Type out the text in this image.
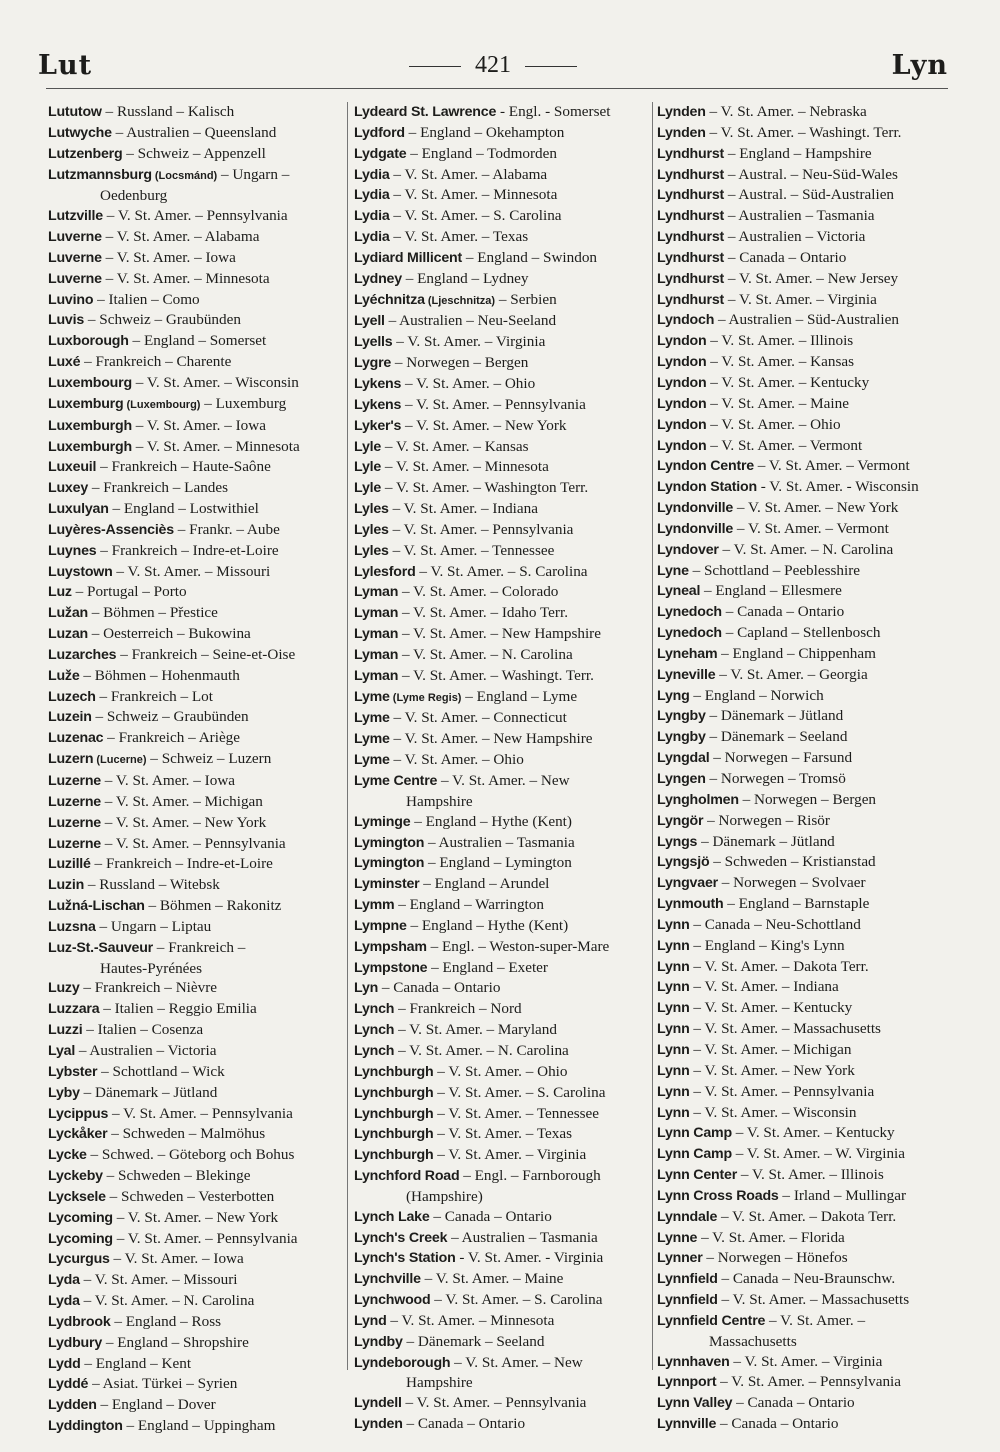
Lut	421	Lyn
Lututow – Russland – Kalisch
Lutwyche – Australien – Queensland
Lutzenberg – Schweiz – Appenzell
Lutzmannsburg (Locsmánd) – Ungarn –
Oedenburg
Lutzville – V. St. Amer. – Pennsylvania
Luverne – V. St. Amer. – Alabama
Luverne – V. St. Amer. – Iowa
Luverne – V. St. Amer. – Minnesota
Luvino – Italien – Como
Luvis – Schweiz – Graubünden
Luxborough – England – Somerset
Luxé – Frankreich – Charente
Luxembourg – V. St. Amer. – Wisconsin
Luxemburg (Luxembourg) – Luxemburg
Luxemburgh – V. St. Amer. – Iowa
Luxemburgh – V. St. Amer. – Minnesota
Luxeuil – Frankreich – Haute-Saône
Luxey – Frankreich – Landes
Luxulyan – England – Lostwithiel
Luyères-Assenciès – Frankr. – Aube
Luynes – Frankreich – Indre-et-Loire
Luystown – V. St. Amer. – Missouri
Luz – Portugal – Porto
Lužan – Böhmen – Přestice
Luzan – Oesterreich – Bukowina
Luzarches – Frankreich – Seine-et-Oise
Luže – Böhmen – Hohenmauth
Luzech – Frankreich – Lot
Luzein – Schweiz – Graubünden
Luzenac – Frankreich – Ariège
Luzern (Lucerne) – Schweiz – Luzern
Luzerne – V. St. Amer. – Iowa
Luzerne – V. St. Amer. – Michigan
Luzerne – V. St. Amer. – New York
Luzerne – V. St. Amer. – Pennsylvania
Luzillé – Frankreich – Indre-et-Loire
Luzin – Russland – Witebsk
Lužná-Lischan – Böhmen – Rakonitz
Luzsna – Ungarn – Liptau
Luz-St.-Sauveur – Frankreich –
Hautes-Pyrénées
Luzy – Frankreich – Nièvre
Luzzara – Italien – Reggio Emilia
Luzzi – Italien – Cosenza
Lyal – Australien – Victoria
Lybster – Schottland – Wick
Lyby – Dänemark – Jütland
Lycippus – V. St. Amer. – Pennsylvania
Lyckåker – Schweden – Malmöhus
Lycke – Schwed. – Göteborg och Bohus
Lyckeby – Schweden – Blekinge
Lycksele – Schweden – Vesterbotten
Lycoming – V. St. Amer. – New York
Lycoming – V. St. Amer. – Pennsylvania
Lycurgus – V. St. Amer. – Iowa
Lyda – V. St. Amer. – Missouri
Lyda – V. St. Amer. – N. Carolina
Lydbrook – England – Ross
Lydbury – England – Shropshire
Lydd – England – Kent
Lyddé – Asiat. Türkei – Syrien
Lydden – England – Dover
Lyddington – England – Uppingham
Lydeard St. Lawrence - Engl. - Somerset
Lydford – England – Okehampton
Lydgate – England – Todmorden
Lydia – V. St. Amer. – Alabama
Lydia – V. St. Amer. – Minnesota
Lydia – V. St. Amer. – S. Carolina
Lydia – V. St. Amer. – Texas
Lydiard Millicent – England – Swindon
Lydney – England – Lydney
Lyéchnitza (Ljeschnitza) – Serbien
Lyell – Australien – Neu-Seeland
Lyells – V. St. Amer. – Virginia
Lygre – Norwegen – Bergen
Lykens – V. St. Amer. – Ohio
Lykens – V. St. Amer. – Pennsylvania
Lyker's – V. St. Amer. – New York
Lyle – V. St. Amer. – Kansas
Lyle – V. St. Amer. – Minnesota
Lyle – V. St. Amer. – Washington Terr.
Lyles – V. St. Amer. – Indiana
Lyles – V. St. Amer. – Pennsylvania
Lyles – V. St. Amer. – Tennessee
Lylesford – V. St. Amer. – S. Carolina
Lyman – V. St. Amer. – Colorado
Lyman – V. St. Amer. – Idaho Terr.
Lyman – V. St. Amer. – New Hampshire
Lyman – V. St. Amer. – N. Carolina
Lyman – V. St. Amer. – Washingt. Terr.
Lyme (Lyme Regis) – England – Lyme
Lyme – V. St. Amer. – Connecticut
Lyme – V. St. Amer. – New Hampshire
Lyme – V. St. Amer. – Ohio
Lyme Centre – V. St. Amer. – New
Hampshire
Lyminge – England – Hythe (Kent)
Lymington – Australien – Tasmania
Lymington – England – Lymington
Lyminster – England – Arundel
Lymm – England – Warrington
Lympne – England – Hythe (Kent)
Lympsham – Engl. – Weston-super-Mare
Lympstone – England – Exeter
Lyn – Canada – Ontario
Lynch – Frankreich – Nord
Lynch – V. St. Amer. – Maryland
Lynch – V. St. Amer. – N. Carolina
Lynchburgh – V. St. Amer. – Ohio
Lynchburgh – V. St. Amer. – S. Carolina
Lynchburgh – V. St. Amer. – Tennessee
Lynchburgh – V. St. Amer. – Texas
Lynchburgh – V. St. Amer. – Virginia
Lynchford Road – Engl. – Farnborough
(Hampshire)
Lynch Lake – Canada – Ontario
Lynch's Creek – Australien – Tasmania
Lynch's Station - V. St. Amer. - Virginia
Lynchville – V. St. Amer. – Maine
Lynchwood – V. St. Amer. – S. Carolina
Lynd – V. St. Amer. – Minnesota
Lyndby – Dänemark – Seeland
Lyndeborough – V. St. Amer. – New
Hampshire
Lyndell – V. St. Amer. – Pennsylvania
Lynden – Canada – Ontario
Lynden – V. St. Amer. – Nebraska
Lynden – V. St. Amer. – Washingt. Terr.
Lyndhurst – England – Hampshire
Lyndhurst – Austral. – Neu-Süd-Wales
Lyndhurst – Austral. – Süd-Australien
Lyndhurst – Australien – Tasmania
Lyndhurst – Australien – Victoria
Lyndhurst – Canada – Ontario
Lyndhurst – V. St. Amer. – New Jersey
Lyndhurst – V. St. Amer. – Virginia
Lyndoch – Australien – Süd-Australien
Lyndon – V. St. Amer. – Illinois
Lyndon – V. St. Amer. – Kansas
Lyndon – V. St. Amer. – Kentucky
Lyndon – V. St. Amer. – Maine
Lyndon – V. St. Amer. – Ohio
Lyndon – V. St. Amer. – Vermont
Lyndon Centre – V. St. Amer. – Vermont
Lyndon Station - V. St. Amer. - Wisconsin
Lyndonville – V. St. Amer. – New York
Lyndonville – V. St. Amer. – Vermont
Lyndover – V. St. Amer. – N. Carolina
Lyne – Schottland – Peeblesshire
Lyneal – England – Ellesmere
Lynedoch – Canada – Ontario
Lynedoch – Capland – Stellenbosch
Lyneham – England – Chippenham
Lyneville – V. St. Amer. – Georgia
Lyng – England – Norwich
Lyngby – Dänemark – Jütland
Lyngby – Dänemark – Seeland
Lyngdal – Norwegen – Farsund
Lyngen – Norwegen – Tromsö
Lyngholmen – Norwegen – Bergen
Lyngör – Norwegen – Risör
Lyngs – Dänemark – Jütland
Lyngsjö – Schweden – Kristianstad
Lyngvaer – Norwegen – Svolvaer
Lynmouth – England – Barnstaple
Lynn – Canada – Neu-Schottland
Lynn – England – King's Lynn
Lynn – V. St. Amer. – Dakota Terr.
Lynn – V. St. Amer. – Indiana
Lynn – V. St. Amer. – Kentucky
Lynn – V. St. Amer. – Massachusetts
Lynn – V. St. Amer. – Michigan
Lynn – V. St. Amer. – New York
Lynn – V. St. Amer. – Pennsylvania
Lynn – V. St. Amer. – Wisconsin
Lynn Camp – V. St. Amer. – Kentucky
Lynn Camp – V. St. Amer. – W. Virginia
Lynn Center – V. St. Amer. – Illinois
Lynn Cross Roads – Irland – Mullingar
Lynndale – V. St. Amer. – Dakota Terr.
Lynne – V. St. Amer. – Florida
Lynner – Norwegen – Hönefos
Lynnfield – Canada – Neu-Braunschw.
Lynnfield – V. St. Amer. – Massachusetts
Lynnfield Centre – V. St. Amer. –
Massachusetts
Lynnhaven – V. St. Amer. – Virginia
Lynnport – V. St. Amer. – Pennsylvania
Lynn Valley – Canada – Ontario
Lynnville – Canada – Ontario
